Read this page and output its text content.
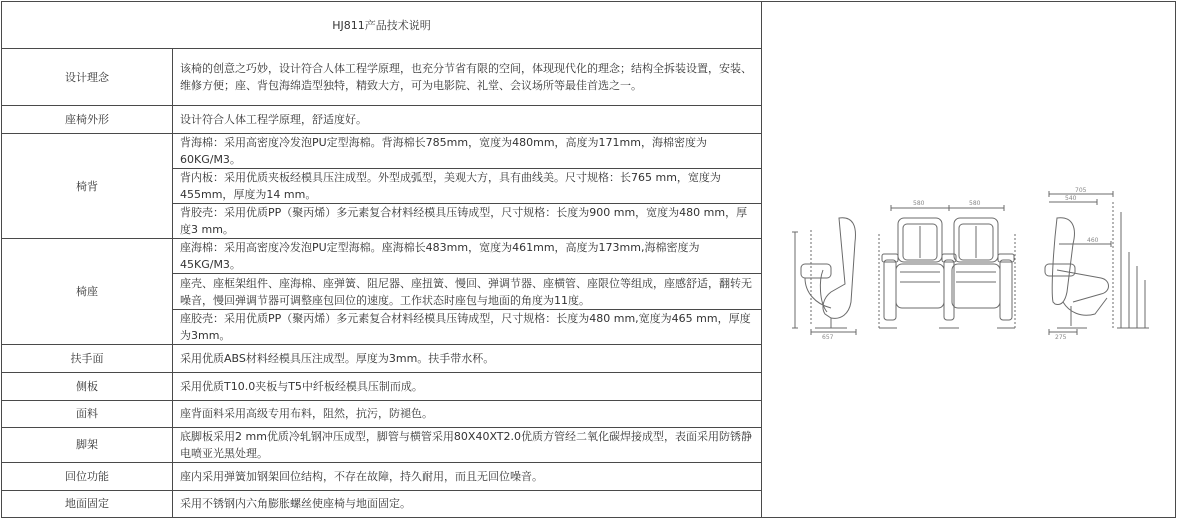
HJ811产品技术说明	
设计理念	该椅的创意之巧妙，设计符合人体工程学原理，也充分节省有限的空间，体现现代化的理念；结构全拆装设置，安装、维修方便；座、背包海绵造型独特，精致大方，可为电影院、礼堂、会议场所等最佳首选之一。
座椅外形	设计符合人体工程学原理，舒适度好。
椅背	背海棉：采用高密度冷发泡PU定型海棉。背海棉长785mm，宽度为480mm，高度为171mm，海棉密度为60KG/M3。
	背内板：采用优质夹板经模具压注成型。外型成弧型，美观大方，具有曲线美。尺寸规格：长765 mm，宽度为455mm，厚度为14 mm。
	背胶壳：采用优质PP（聚丙烯）多元素复合材料经模具压铸成型，尺寸规格：长度为900 mm，宽度为480 mm，厚度3 mm。
椅座	座海棉：采用高密度冷发泡PU定型海棉。座海棉长483mm，宽度为461mm，高度为173mm,海棉密度为45KG/M3。
	座壳、座框架组件、座海棉、座弹簧、阻尼器、座扭簧、慢回、弹调节器、座横管、座限位等组成，座感舒适，翻转无噪音，慢回弹调节器可调整座包回位的速度。工作状态时座包与地面的角度为11度。
	座胶壳：采用优质PP（聚丙烯）多元素复合材料经模具压铸成型，尺寸规格：长度为480 mm,宽度为465 mm，厚度为3mm。
扶手面	采用优质ABS材料经模具压注成型。厚度为3mm。扶手带水杯。
侧板	采用优质T10.0夹板与T5中纤板经模具压制而成。
面料	座背面料采用高级专用布料，阻然，抗污，防褪色。
脚架	底脚板采用2 mm优质冷轧钢冲压成型，脚管与横管采用80X40XT2.0优质方管经二氧化碳焊接成型，表面采用防锈静电喷亚光黑处理。
回位功能	座内采用弹簧加钢架回位结构，不存在故障，持久耐用，而且无回位噪音。
地面固定	采用不锈钢内六角膨胀螺丝使座椅与地面固定。
657
580	580
705
540
460
275
